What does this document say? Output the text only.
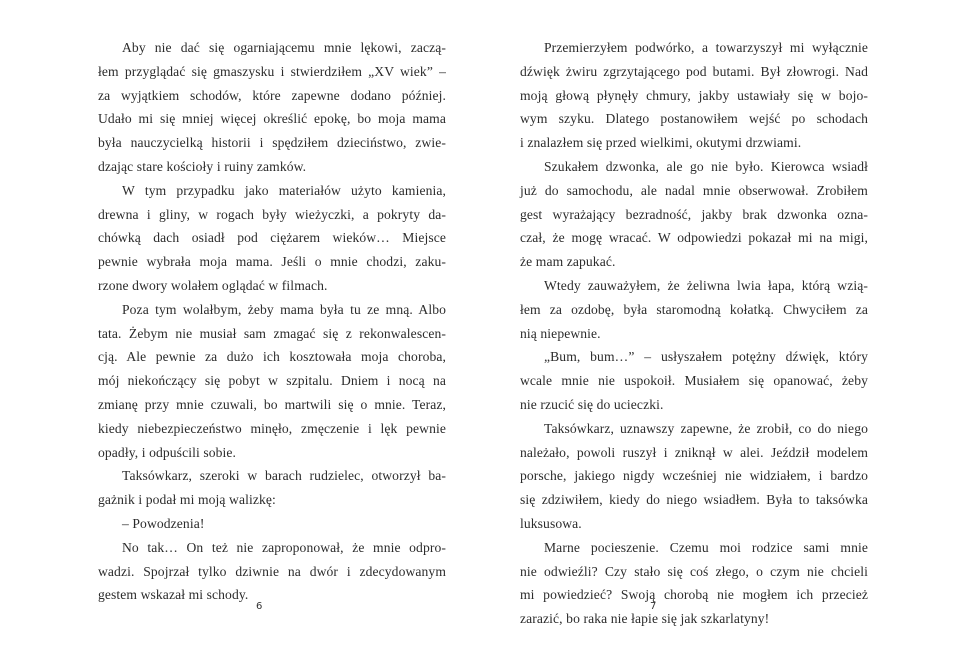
Aby nie dać się ogarniającemu mnie lękowi, zaczą-
łem przyglądać się gmaszysku i stwierdziłem „XV wiek” –
za wyjątkiem schodów, które zapewne dodano później.
Udało mi się mniej więcej określić epokę, bo moja mama
była nauczycielką historii i spędziłem dzieciństwo, zwie-
dzając stare kościoły i ruiny zamków.
W tym przypadku jako materiałów użyto kamienia,
drewna i gliny, w rogach były wieżyczki, a pokryty da-
chówką dach osiadł pod ciężarem wieków… Miejsce
pewnie wybrała moja mama. Jeśli o mnie chodzi, zaku-
rzone dwory wolałem oglądać w filmach.
Poza tym wolałbym, żeby mama była tu ze mną. Albo
tata. Żebym nie musiał sam zmagać się z rekonwalescen-
cją. Ale pewnie za dużo ich kosztowała moja choroba,
mój niekończący się pobyt w szpitalu. Dniem i nocą na
zmianę przy mnie czuwali, bo martwili się o mnie. Teraz,
kiedy niebezpieczeństwo minęło, zmęczenie i lęk pewnie
opadły, i odpuścili sobie.
Taksówkarz, szeroki w barach rudzielec, otworzył ba-
gażnik i podał mi moją walizkę:
– Powodzenia!
No tak… On też nie zaproponował, że mnie odpro-
wadzi. Spojrzał tylko dziwnie na dwór i zdecydowanym
gestem wskazał mi schody.
6
Przemierzyłem podwórko, a towarzyszył mi wyłącznie
dźwięk żwiru zgrzytającego pod butami. Był złowrogi. Nad
moją głową płynęły chmury, jakby ustawiały się w bojo-
wym szyku. Dlatego postanowiłem wejść po schodach
i znalazłem się przed wielkimi, okutymi drzwiami.
Szukałem dzwonka, ale go nie było. Kierowca wsiadł
już do samochodu, ale nadal mnie obserwował. Zrobiłem
gest wyrażający bezradność, jakby brak dzwonka ozna-
czał, że mogę wracać. W odpowiedzi pokazał mi na migi,
że mam zapukać.
Wtedy zauważyłem, że żeliwna lwia łapa, którą wzią-
łem za ozdobę, była staromodną kołatką. Chwyciłem za
nią niepewnie.
„Bum, bum…” – usłyszałem potężny dźwięk, który
wcale mnie nie uspokoił. Musiałem się opanować, żeby
nie rzucić się do ucieczki.
Taksówkarz, uznawszy zapewne, że zrobił, co do niego
należało, powoli ruszył i zniknął w alei. Jeździł modelem
porsche, jakiego nigdy wcześniej nie widziałem, i bardzo
się zdziwiłem, kiedy do niego wsiadłem. Była to taksówka
luksusowa.
Marne pocieszenie. Czemu moi rodzice sami mnie
nie odwieźli? Czy stało się coś złego, o czym nie chcieli
mi powiedzieć? Swoją chorobą nie mogłem ich przecież
zarazić, bo raka nie łapie się jak szkarlatyny!
7
